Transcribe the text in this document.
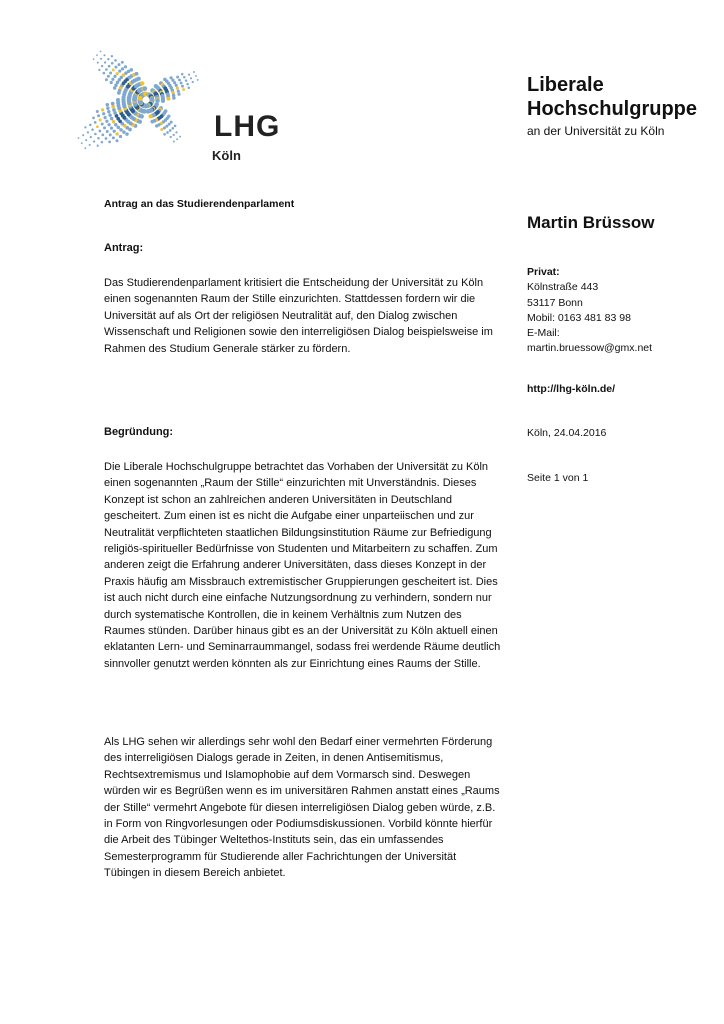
LHG
Köln
Liberale
Hochschulgruppe
an der Universität zu Köln
Martin Brüssow
Privat:
Kölnstraße 443
53117 Bonn
Mobil: 0163 481 83 98
E-Mail:
martin.bruessow@gmx.net
http://lhg-köln.de/
Köln, 24.04.2016
Seite 1 von 1
Antrag an das Studierendenparlament
Antrag:

Das Studierendenparlament kritisiert die Entscheidung der Universität zu Köln einen sogenannten Raum der Stille einzurichten. Stattdessen fordern wir die Universität auf als Ort der religiösen Neutralität auf, den Dialog zwischen Wissenschaft und Religionen sowie den interreligiösen Dialog beispielsweise im Rahmen des Studium Generale stärker zu fördern.

Begründung:

Die Liberale Hochschulgruppe betrachtet das Vorhaben der Universität zu Köln einen sogenannten „Raum der Stille“ einzurichten mit Unverständnis. Dieses Konzept ist schon an zahlreichen anderen Universitäten in Deutschland gescheitert. Zum einen ist es nicht die Aufgabe einer unparteiischen und zur Neutralität verpflichteten staatlichen Bildungsinstitution Räume zur Befriedigung religiös-spiritueller Bedürfnisse von Studenten und Mitarbeitern zu schaffen. Zum anderen zeigt die Erfahrung anderer Universitäten, dass dieses Konzept in der Praxis häufig am Missbrauch extremistischer Gruppierungen gescheitert ist. Dies ist auch nicht durch eine einfache Nutzungsordnung zu verhindern, sondern nur durch systematische Kontrollen, die in keinem Verhältnis zum Nutzen des Raumes stünden. Darüber hinaus gibt es an der Universität zu Köln aktuell einen eklatanten Lern- und Seminarraummangel, sodass frei werdende Räume deutlich sinnvoller genutzt werden könnten als zur Einrichtung eines Raums der Stille.

Als LHG sehen wir allerdings sehr wohl den Bedarf einer vermehrten Förderung des interreligiösen Dialogs gerade in Zeiten, in denen Antisemitismus, Rechtsextremismus und Islamophobie auf dem Vormarsch sind. Deswegen würden wir es Begrüßen wenn es im universitären Rahmen anstatt eines „Raums der Stille“ vermehrt Angebote für diesen interreligiösen Dialog geben würde, z.B. in Form von Ringvorlesungen oder Podiumsdiskussionen. Vorbild könnte hierfür die Arbeit des Tübinger Weltethos-Instituts sein, das ein umfassendes Semesterprogramm für Studierende aller Fachrichtungen der Universität Tübingen in diesem Bereich anbietet.
